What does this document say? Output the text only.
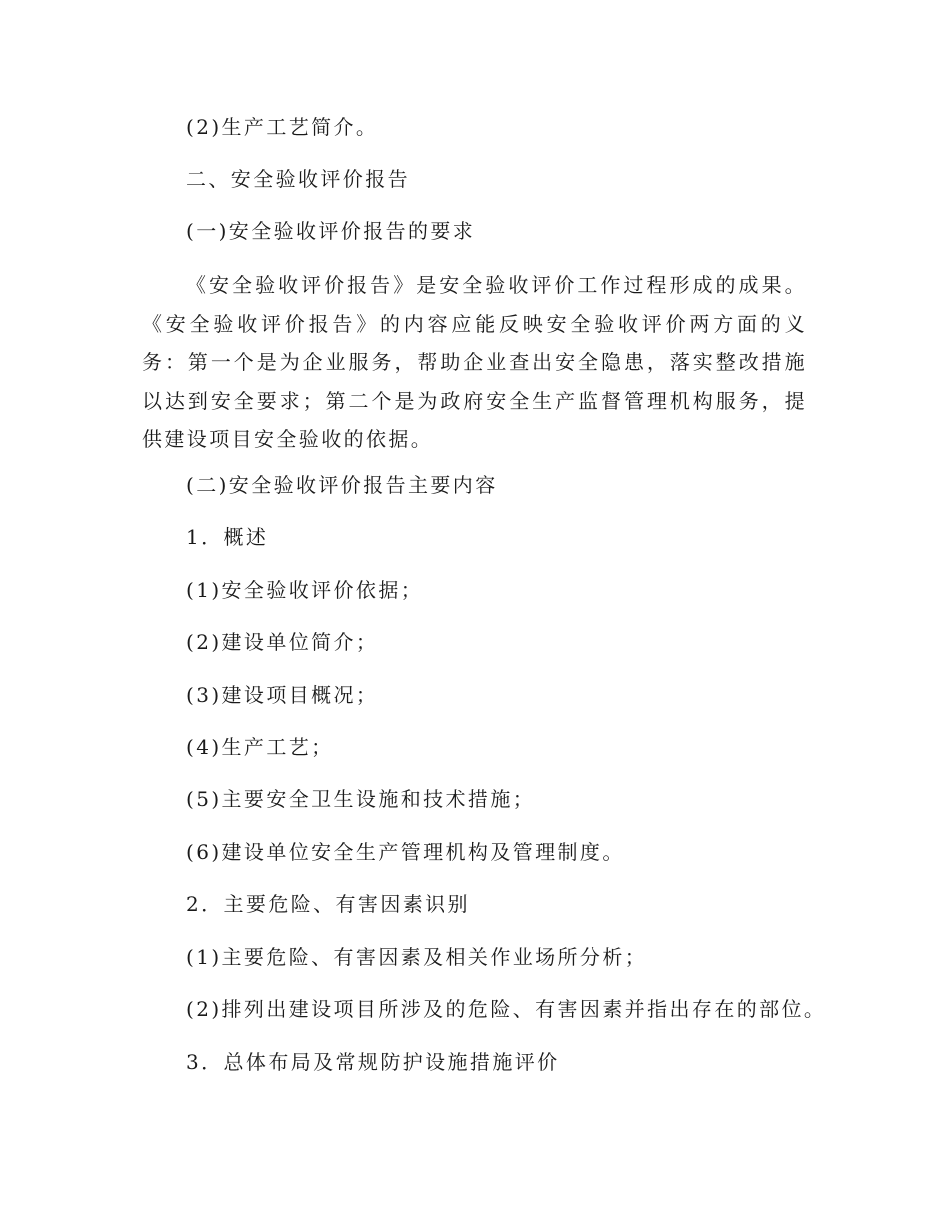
(2)生产工艺简介。
二、安全验收评价报告
(一)安全验收评价报告的要求
《安全验收评价报告》是安全验收评价工作过程形成的成果。《安全验收评价报告》的内容应能反映安全验收评价两方面的义务：第一个是为企业服务，帮助企业查出安全隐患，落实整改措施以达到安全要求；第二个是为政府安全生产监督管理机构服务，提供建设项目安全验收的依据。
(二)安全验收评价报告主要内容
1．概述
(1)安全验收评价依据；
(2)建设单位简介；
(3)建设项目概况；
(4)生产工艺；
(5)主要安全卫生设施和技术措施；
(6)建设单位安全生产管理机构及管理制度。
2．主要危险、有害因素识别
(1)主要危险、有害因素及相关作业场所分析；
(2)排列出建设项目所涉及的危险、有害因素并指出存在的部位。
3．总体布局及常规防护设施措施评价
